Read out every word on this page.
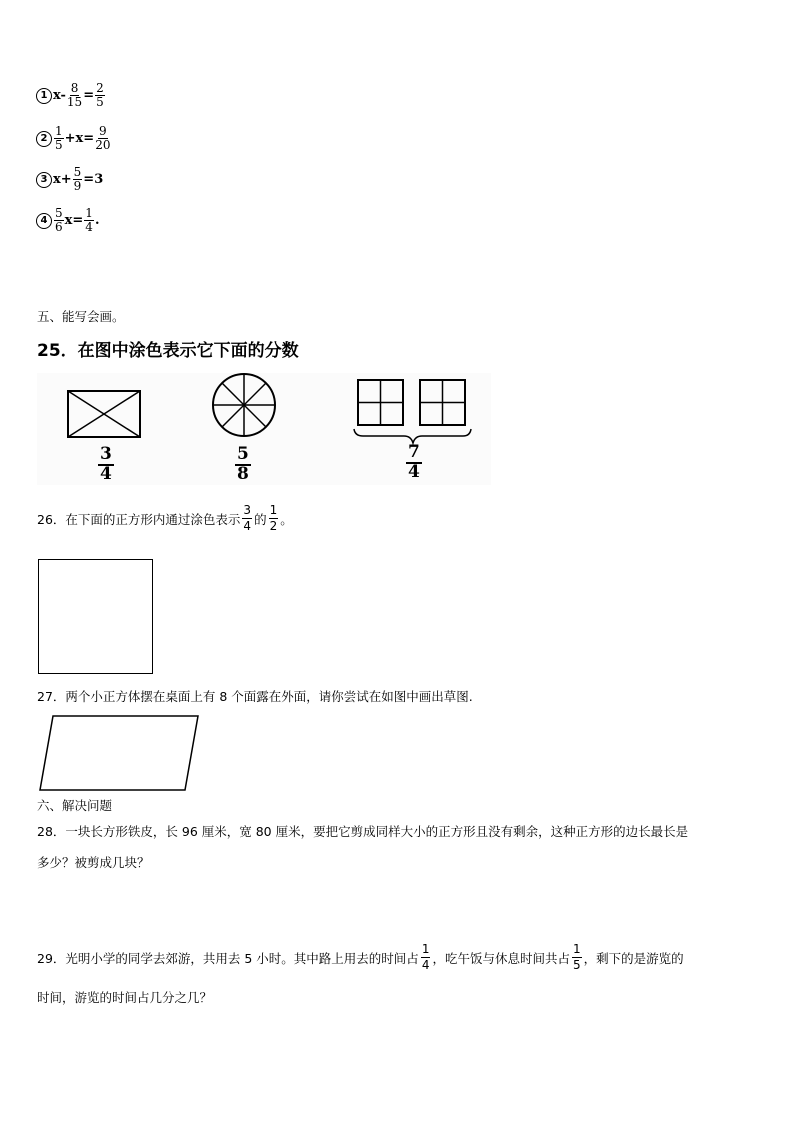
1 $x- \frac{8}{15} = \frac{2}{5}$
$2 \frac{1}{5} +x= \frac{9}{20}$
3 $x+ \frac{5}{9} =3$
$4 \frac{5}{6} x= \frac{1}{4}$ .
五、能写会画。
25．在图中涂色表示它下面的分数
$\frac{3}{4}$	$\frac{5}{8}$	$\frac{7}{4}$
26．在下面的正方形内通过涂色表示 $\frac{3}{4}$ 的 $\frac{1}{2}$ 。
27．两个小正方体摆在桌面上有 8 个面露在外面，请你尝试在如图中画出草图.
六、解决问题
28．一块长方形铁皮，长 96 厘米，宽 80 厘米，要把它剪成同样大小的正方形且没有剩余，这种正方形的边长最长是
多少？被剪成几块？
29．光明小学的同学去郊游，共用去 5 小时。其中路上用去的时间占 $\frac{1}{4}$ ，吃午饭与休息时间共占 $\frac{1}{5}$ ，剩下的是游览的
时间，游览的时间占几分之几？
